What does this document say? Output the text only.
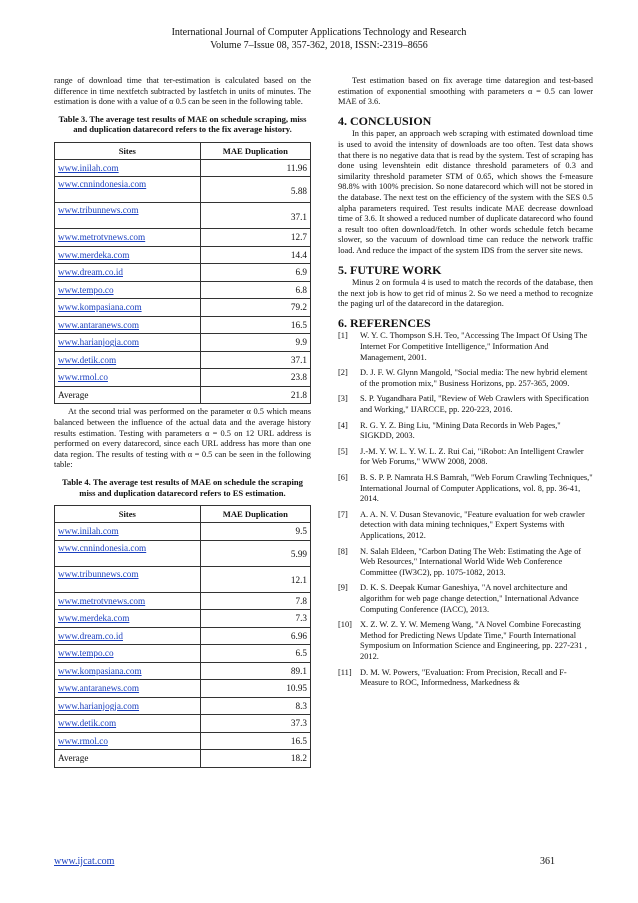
International Journal of Computer Applications Technology and Research
Volume 7–Issue 08, 357-362, 2018, ISSN:-2319–8656

range of download time that ter-estimation is calculated based on the difference in time nextfetch subtracted by lastfetch in units of minutes. The estimation is done with a value of α 0.5 can be seen in the following table.

Table 3. The average test results of MAE on schedule scraping, miss and duplication datarecord refers to the fix average history.
Sites	MAE Duplication
www.inilah.com	11.96
www.cnnindonesia.com	5.88
www.tribunnews.com	37.1
www.metrotvnews.com	12.7
www.merdeka.com	14.4
www.dream.co.id	6.9
www.tempo.co	6.8
www.kompasiana.com	79.2
www.antaranews.com	16.5
www.harianjogja.com	9.9
www.detik.com	37.1
www.rmol.co	23.8
Average	21.8

At the second trial was performed on the parameter α 0.5 which means balanced between the influence of the actual data and the average history results estimation. Testing with parameters α = 0.5 on 12 URL address is performed on every datarecord, since each URL address has more than one data region. The results of testing with α = 0.5 can be seen in the following table:

Table 4. The average test results of MAE on schedule the scraping miss and duplication datarecord refers to ES estimation.
Sites	MAE Duplication
www.inilah.com	9.5
www.cnnindonesia.com	5.99
www.tribunnews.com	12.1
www.metrotvnews.com	7.8
www.merdeka.com	7.3
www.dream.co.id	6.96
www.tempo.co	6.5
www.kompasiana.com	89.1
www.antaranews.com	10.95
www.harianjogja.com	8.3
www.detik.com	37.3
www.rmol.co	16.5
Average	18.2

Test estimation based on fix average time dataregion and test-based estimation of exponential smoothing with parameters α = 0.5 can lower MAE of 3.6.

4. CONCLUSION

In this paper, an approach web scraping with estimated download time is used to avoid the intensity of downloads are too often. Test data shows that there is no negative data that is read by the system. Test of scraping has done using levenshtein edit distance threshold parameters of 0.3 and similarity threshold parameter STM of 0.65, which shows the f-measure 98.8% with 100% precision. So none datarecord which will not be stored in the database. The next test on the efficiency of the system with the SES 0.5 alpha parameters required. Test results indicate MAE decrease download time of 3.6. It showed a reduced number of duplicate datarecord who found a result too often download/fetch. In other words schedule fetch became slower, so the vacuum of download time can reduce the network traffic load. And reduce the impact of the system IDS from the server site news.

5. FUTURE WORK

Minus 2 on formula 4 is used to match the records of the database, then the next job is how to get rid of minus 2. So we need a method to recognize the paging url of the datarecord in the dataregion.

6. REFERENCES
[1] W. Y. C. Thompson S.H. Teo, "Accessing The Impact Of Using The Internet For Competitive Intelligence," Information And Management, 2001.
[2] D. J. F. W. Glynn Mangold, "Social media: The new hybrid element of the promotion mix," Business Horizons, pp. 257-365, 2009.
[3] S. P. Yugandhara Patil, "Review of Web Crawlers with Specification and Working," IJARCCE, pp. 220-223, 2016.
[4] R. G. Y. Z. Bing Liu, "Mining Data Records in Web Pages," SIGKDD, 2003.
[5] J.-M. Y. W. L. Y. W. L. Z. Rui Cai, "iRobot: An Intelligent Crawler for Web Forums," WWW 2008, 2008.
[6] B. S. P. P. Namrata H.S Bamrah, "Web Forum Crawling Techniques," International Journal of Computer Applications, vol. 8, pp. 36-41, 2014.
[7] A. A. N. V. Dusan Stevanovic, "Feature evaluation for web crawler detection with data mining techniques," Expert Systems with Applications, 2012.
[8] N. Salah Eldeen, "Carbon Dating The Web: Estimating the Age of Web Resources," International World Wide Web Conference Committee (IW3C2), pp. 1075-1082, 2013.
[9] D. K. S. Deepak Kumar Ganeshiya, "A novel architecture and algorithm for web page change detection," International Advance Computing Conference (IACC), 2013.
[10] X. Z. W. Z. Y. W. Memeng Wang, "A Novel Combine Forecasting Method for Predicting News Update Time," Fourth International Symposium on Information Science and Engineering, pp. 227-231 , 2012.
[11] D. M. W. Powers, "Evaluation: From Precision, Recall and F-Measure to ROC, Informedness, Markedness &
www.ijcat.com	361
